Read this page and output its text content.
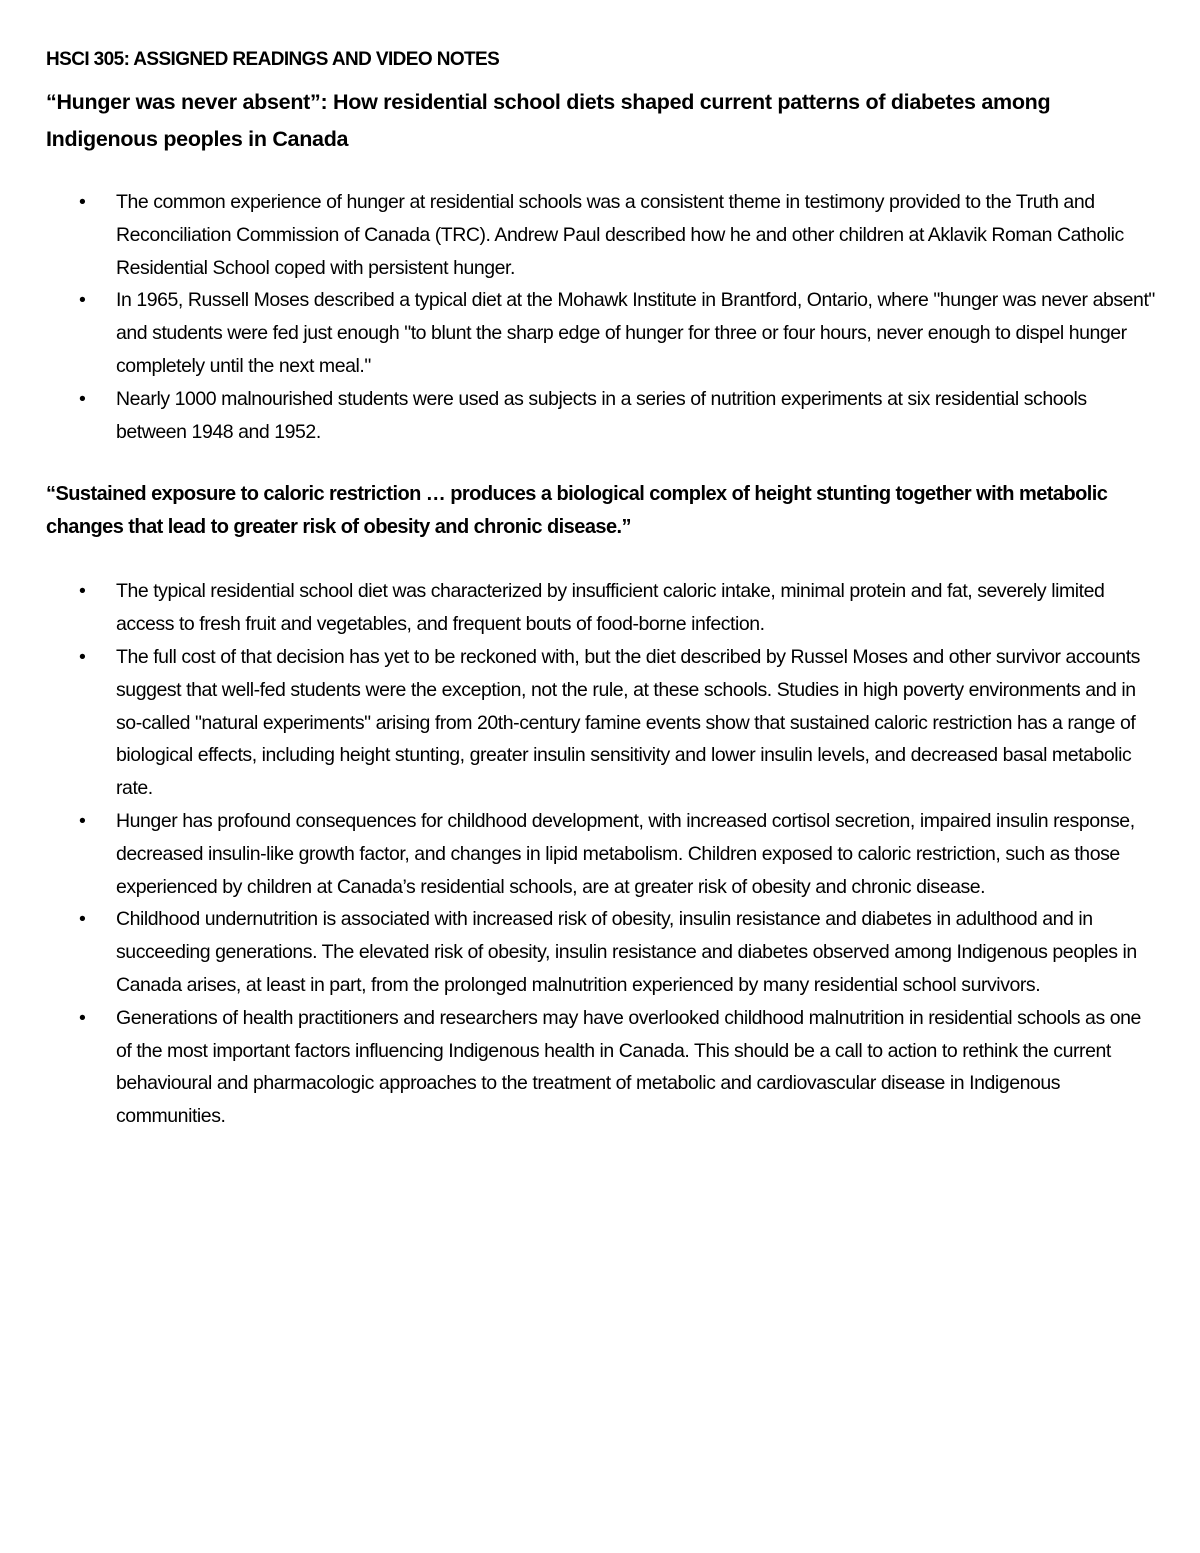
HSCI 305: ASSIGNED READINGS AND VIDEO NOTES
“Hunger was never absent”: How residential school diets shaped current patterns of diabetes among Indigenous peoples in Canada
• The common experience of hunger at residential schools was a consistent theme in testimony provided to the Truth and Reconciliation Commission of Canada (TRC). Andrew Paul described how he and other children at Aklavik Roman Catholic Residential School coped with persistent hunger.
• In 1965, Russell Moses described a typical diet at the Mohawk Institute in Brantford, Ontario, where "hunger was never absent" and students were fed just enough "to blunt the sharp edge of hunger for three or four hours, never enough to dispel hunger completely until the next meal."
• Nearly 1000 malnourished students were used as subjects in a series of nutrition experiments at six residential schools between 1948 and 1952.
“Sustained exposure to caloric restriction … produces a biological complex of height stunting together with metabolic changes that lead to greater risk of obesity and chronic disease.”
• The typical residential school diet was characterized by insufficient caloric intake, minimal protein and fat, severely limited access to fresh fruit and vegetables, and frequent bouts of food-borne infection.
• The full cost of that decision has yet to be reckoned with, but the diet described by Russel Moses and other survivor accounts suggest that well-fed students were the exception, not the rule, at these schools. Studies in high poverty environments and in so-called "natural experiments" arising from 20th-century famine events show that sustained caloric restriction has a range of biological effects, including height stunting, greater insulin sensitivity and lower insulin levels, and decreased basal metabolic rate.
• Hunger has profound consequences for childhood development, with increased cortisol secretion, impaired insulin response, decreased insulin-like growth factor, and changes in lipid metabolism. Children exposed to caloric restriction, such as those experienced by children at Canada’s residential schools, are at greater risk of obesity and chronic disease.
• Childhood undernutrition is associated with increased risk of obesity, insulin resistance and diabetes in adulthood and in succeeding generations. The elevated risk of obesity, insulin resistance and diabetes observed among Indigenous peoples in Canada arises, at least in part, from the prolonged malnutrition experienced by many residential school survivors.
• Generations of health practitioners and researchers may have overlooked childhood malnutrition in residential schools as one of the most important factors influencing Indigenous health in Canada. This should be a call to action to rethink the current behavioural and pharmacologic approaches to the treatment of metabolic and cardiovascular disease in Indigenous communities.
